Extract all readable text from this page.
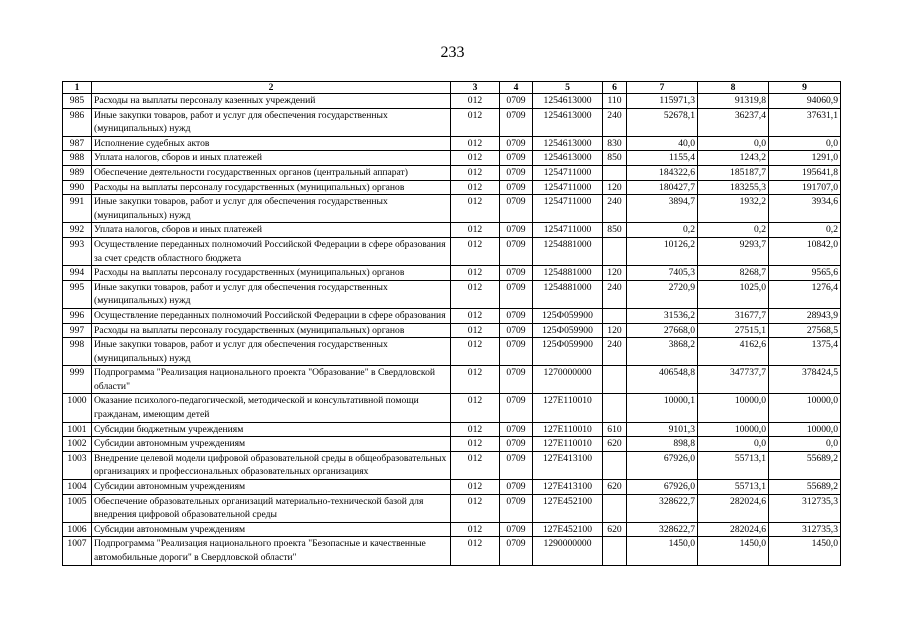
233
1	2	3	4	5	6	7	8	9
985	Расходы на выплаты персоналу казенных учреждений	012	0709	1254613000	110	115971,3	91319,8	94060,9
986	Иные закупки товаров, работ и услуг для обеспечения государственных (муниципальных) нужд	012	0709	1254613000	240	52678,1	36237,4	37631,1
987	Исполнение судебных актов	012	0709	1254613000	830	40,0	0,0	0,0
988	Уплата налогов, сборов и иных платежей	012	0709	1254613000	850	1155,4	1243,2	1291,0
989	Обеспечение деятельности государственных органов (центральный аппарат)	012	0709	1254711000		184322,6	185187,7	195641,8
990	Расходы на выплаты персоналу государственных (муниципальных) органов	012	0709	1254711000	120	180427,7	183255,3	191707,0
991	Иные закупки товаров, работ и услуг для обеспечения государственных (муниципальных) нужд	012	0709	1254711000	240	3894,7	1932,2	3934,6
992	Уплата налогов, сборов и иных платежей	012	0709	1254711000	850	0,2	0,2	0,2
993	Осуществление переданных полномочий Российской Федерации в сфере образования за счет средств областного бюджета	012	0709	1254881000		10126,2	9293,7	10842,0
994	Расходы на выплаты персоналу государственных (муниципальных) органов	012	0709	1254881000	120	7405,3	8268,7	9565,6
995	Иные закупки товаров, работ и услуг для обеспечения государственных (муниципальных) нужд	012	0709	1254881000	240	2720,9	1025,0	1276,4
996	Осуществление переданных полномочий Российской Федерации в сфере образования	012	0709	125Ф059900		31536,2	31677,7	28943,9
997	Расходы на выплаты персоналу государственных (муниципальных) органов	012	0709	125Ф059900	120	27668,0	27515,1	27568,5
998	Иные закупки товаров, работ и услуг для обеспечения государственных (муниципальных) нужд	012	0709	125Ф059900	240	3868,2	4162,6	1375,4
999	Подпрограмма "Реализация национального проекта "Образование" в Свердловской области"	012	0709	1270000000		406548,8	347737,7	378424,5
1000	Оказание психолого-педагогической, методической и консультативной помощи гражданам, имеющим детей	012	0709	127E110010		10000,1	10000,0	10000,0
1001	Субсидии бюджетным учреждениям	012	0709	127E110010	610	9101,3	10000,0	10000,0
1002	Субсидии автономным учреждениям	012	0709	127E110010	620	898,8	0,0	0,0
1003	Внедрение целевой модели цифровой образовательной среды в общеобразовательных организациях и профессиональных образовательных организациях	012	0709	127E413100		67926,0	55713,1	55689,2
1004	Субсидии автономным учреждениям	012	0709	127E413100	620	67926,0	55713,1	55689,2
1005	Обеспечение образовательных организаций материально-технической базой для внедрения цифровой образовательной среды	012	0709	127E452100		328622,7	282024,6	312735,3
1006	Субсидии автономным учреждениям	012	0709	127E452100	620	328622,7	282024,6	312735,3
1007	Подпрограмма "Реализация национального проекта "Безопасные и качественные автомобильные дороги" в Свердловской области"	012	0709	1290000000		1450,0	1450,0	1450,0
